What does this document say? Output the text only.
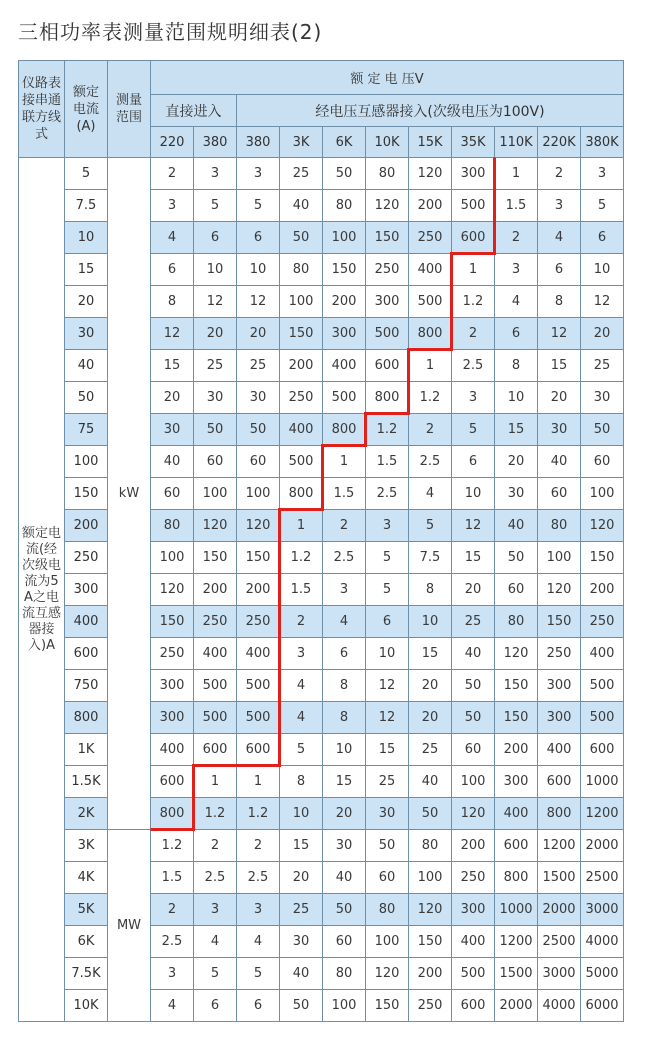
三相功率表测量范围规明细表(2)
仪路表接串通联方线式	额定电流(A)	测量范围	额 定 电 压V										
			直接进入		经电压互感器接入(次级电压为100V)								
			220	380	380	3K	6K	10K	15K	35K	110K	220K	380K
额定电流(经次级电流为5A之电流互感器接入)A	5	kW	2	3	3	25	50	80	120	300	1	2	3
	7.5		3	5	5	40	80	120	200	500	1.5	3	5
	10		4	6	6	50	100	150	250	600	2	4	6
	15		6	10	10	80	150	250	400	1	3	6	10
	20		8	12	12	100	200	300	500	1.2	4	8	12
	30		12	20	20	150	300	500	800	2	6	12	20
	40		15	25	25	200	400	600	1	2.5	8	15	25
	50		20	30	30	250	500	800	1.2	3	10	20	30
	75		30	50	50	400	800	1.2	2	5	15	30	50
	100		40	60	60	500	1	1.5	2.5	6	20	40	60
	150		60	100	100	800	1.5	2.5	4	10	30	60	100
	200		80	120	120	1	2	3	5	12	40	80	120
	250		100	150	150	1.2	2.5	5	7.5	15	50	100	150
	300		120	200	200	1.5	3	5	8	20	60	120	200
	400		150	250	250	2	4	6	10	25	80	150	250
	600		250	400	400	3	6	10	15	40	120	250	400
	750		300	500	500	4	8	12	20	50	150	300	500
	800		300	500	500	4	8	12	20	50	150	300	500
	1K		400	600	600	5	10	15	25	60	200	400	600
	1.5K		600	1	1	8	15	25	40	100	300	600	1000
	2K		800	1.2	1.2	10	20	30	50	120	400	800	1200
	3K	MW	1.2	2	2	15	30	50	80	200	600	1200	2000
	4K		1.5	2.5	2.5	20	40	60	100	250	800	1500	2500
	5K		2	3	3	25	50	80	120	300	1000	2000	3000
	6K		2.5	4	4	30	60	100	150	400	1200	2500	4000
	7.5K		3	5	5	40	80	120	200	500	1500	3000	5000
	10K		4	6	6	50	100	150	250	600	2000	4000	6000
